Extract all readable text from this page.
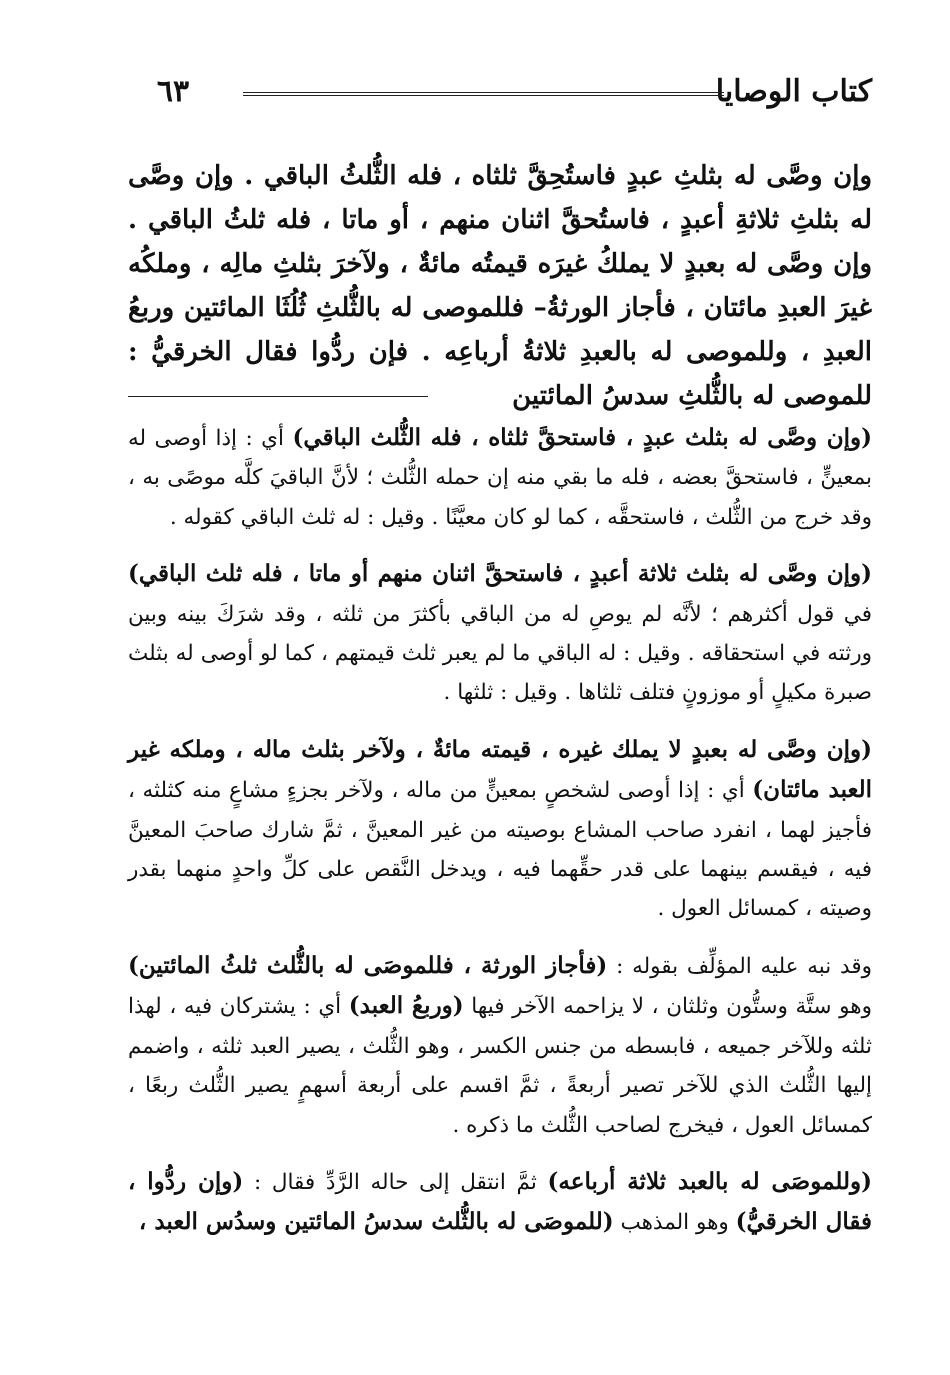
كتاب الوصايا
٦٣
وإن وصَّى له بثلثِ عبدٍ فاستُحِقَّ ثلثاه ، فله الثُّلثُ الباقي . وإن وصَّى له بثلثِ ثلاثةِ أعبدٍ ، فاستُحقَّ اثنان منهم ، أو ماتا ، فله ثلثُ الباقي . وإن وصَّى له بعبدٍ لا يملكُ غيرَه قيمتُه مائةٌ ، ولآخرَ بثلثِ مالِه ، وملكُه غيرَ العبدِ مائتان ، فأجاز الورثةُ– فللموصى له بالثُّلثِ ثُلُثَا المائتين وربعُ العبدِ ، وللموصى له بالعبدِ ثلاثةُ أرباعِه . فإن ردُّوا فقال الخرقيُّ : للموصى له بالثُّلثِ سدسُ المائتين

(وإن وصَّى له بثلث عبدٍ ، فاستحقَّ ثلثاه ، فله الثُّلث الباقي) أي : إذا أوصى له بمعينٍّ ، فاستحقَّ بعضه ، فله ما بقي منه إن حمله الثُّلث ؛ لأنَّ الباقيَ كلَّه موصًى به ، وقد خرج من الثُّلث ، فاستحقَّه ، كما لو كان معيَّنًا . وقيل : له ثلث الباقي كقوله .

(وإن وصَّى له بثلث ثلاثة أعبدٍ ، فاستحقَّ اثنان منهم أو ماتا ، فله ثلث الباقي) في قول أكثرهم ؛ لأنَّه لم يوصِ له من الباقي بأكثرَ من ثلثه ، وقد شرَكَ بينه وبين ورثته في استحقاقه . وقيل : له الباقي ما لم يعبر ثلث قيمتهم ، كما لو أوصى له بثلث صبرة مكيلٍ أو موزونٍ فتلف ثلثاها . وقيل : ثلثها .

(وإن وصَّى له بعبدٍ لا يملك غيره ، قيمته مائةٌ ، ولآخر بثلث ماله ، وملكه غير العبد مائتان) أي : إذا أوصى لشخصٍ بمعينٍّ من ماله ، ولآخر بجزءٍ مشاعٍ منه كثلثه ، فأجيز لهما ، انفرد صاحب المشاع بوصيته من غير المعينَّ ، ثمَّ شارك صاحبَ المعينَّ فيه ، فيقسم بينهما على قدر حقِّهما فيه ، ويدخل النَّقص على كلِّ واحدٍ منهما بقدر وصيته ، كمسائل العول .

وقد نبه عليه المؤلِّف بقوله : (فأجاز الورثة ، فللموصَى له بالثُّلث ثلثُ المائتين) وهو ستَّة وستُّون وثلثان ، لا يزاحمه الآخر فيها (وربعُ العبد) أي : يشتركان فيه ، لهذا ثلثه وللآخر جميعه ، فابسطه من جنس الكسر ، وهو الثُّلث ، يصير العبد ثلثه ، واضمم إليها الثُّلث الذي للآخر تصير أربعةً ، ثمَّ اقسم على أربعة أسهمٍ يصير الثُّلث ربعًا ، كمسائل العول ، فيخرج لصاحب الثُّلث ما ذكره .

(وللموصَى له بالعبد ثلاثة أرباعه) ثمَّ انتقل إلى حاله الرَّدِّ فقال : (وإن ردُّوا ، فقال الخرقيُّ) وهو المذهب (للموصَى له بالثُّلث سدسُ المائتين وسدُس العبد ،
